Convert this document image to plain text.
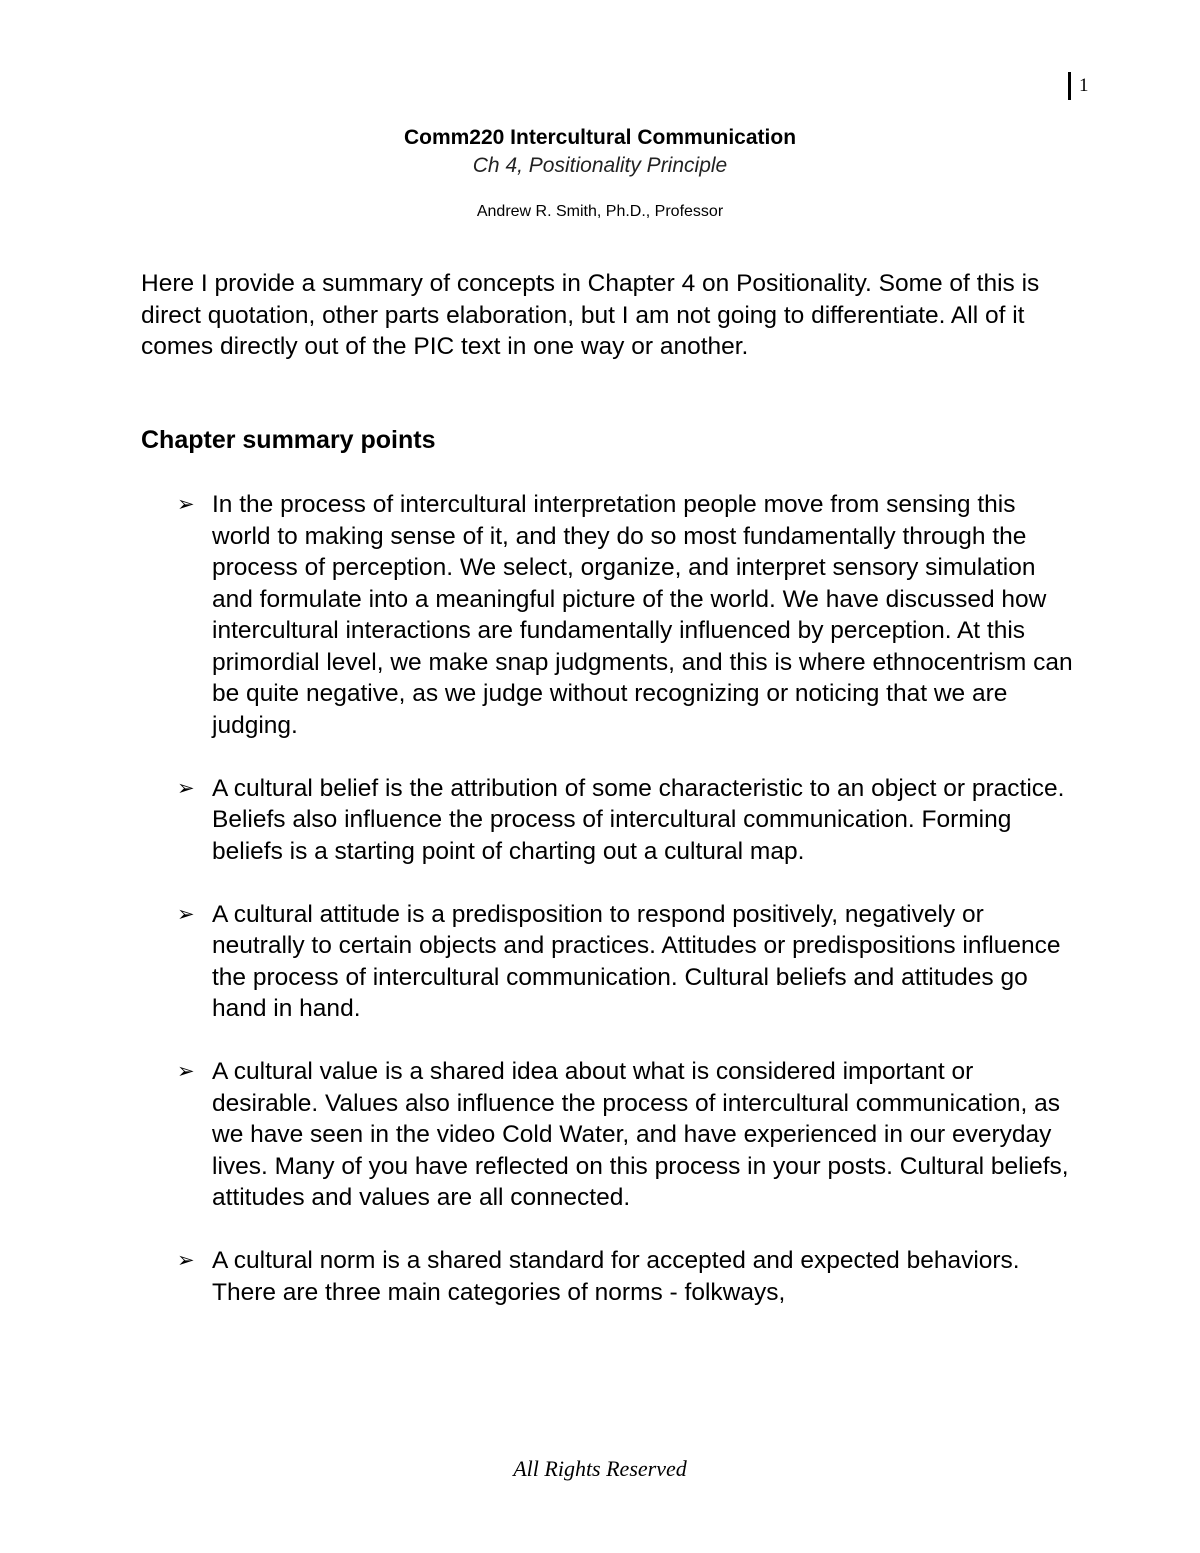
1
Comm220 Intercultural Communication
Ch 4, Positionality Principle
Andrew R. Smith, Ph.D., Professor

Here I provide a summary of concepts in Chapter 4 on Positionality. Some of this is direct quotation, other parts elaboration, but I am not going to differentiate. All of it comes directly out of the PIC text in one way or another.

Chapter summary points
➢ In the process of intercultural interpretation people move from sensing this world to making sense of it, and they do so most fundamentally through the process of perception. We select, organize, and interpret sensory simulation and formulate into a meaningful picture of the world. We have discussed how intercultural interactions are fundamentally influenced by perception. At this primordial level, we make snap judgments, and this is where ethnocentrism can be quite negative, as we judge without recognizing or noticing that we are judging.
➢ A cultural belief is the attribution of some characteristic to an object or practice. Beliefs also influence the process of intercultural communication. Forming beliefs is a starting point of charting out a cultural map.
➢ A cultural attitude is a predisposition to respond positively, negatively or neutrally to certain objects and practices. Attitudes or predispositions influence the process of intercultural communication. Cultural beliefs and attitudes go hand in hand.
➢ A cultural value is a shared idea about what is considered important or desirable. Values also influence the process of intercultural communication, as we have seen in the video Cold Water, and have experienced in our everyday lives. Many of you have reflected on this process in your posts. Cultural beliefs, attitudes and values are all connected.
➢ A cultural norm is a shared standard for accepted and expected behaviors. There are three main categories of norms - folkways,
All Rights Reserved
